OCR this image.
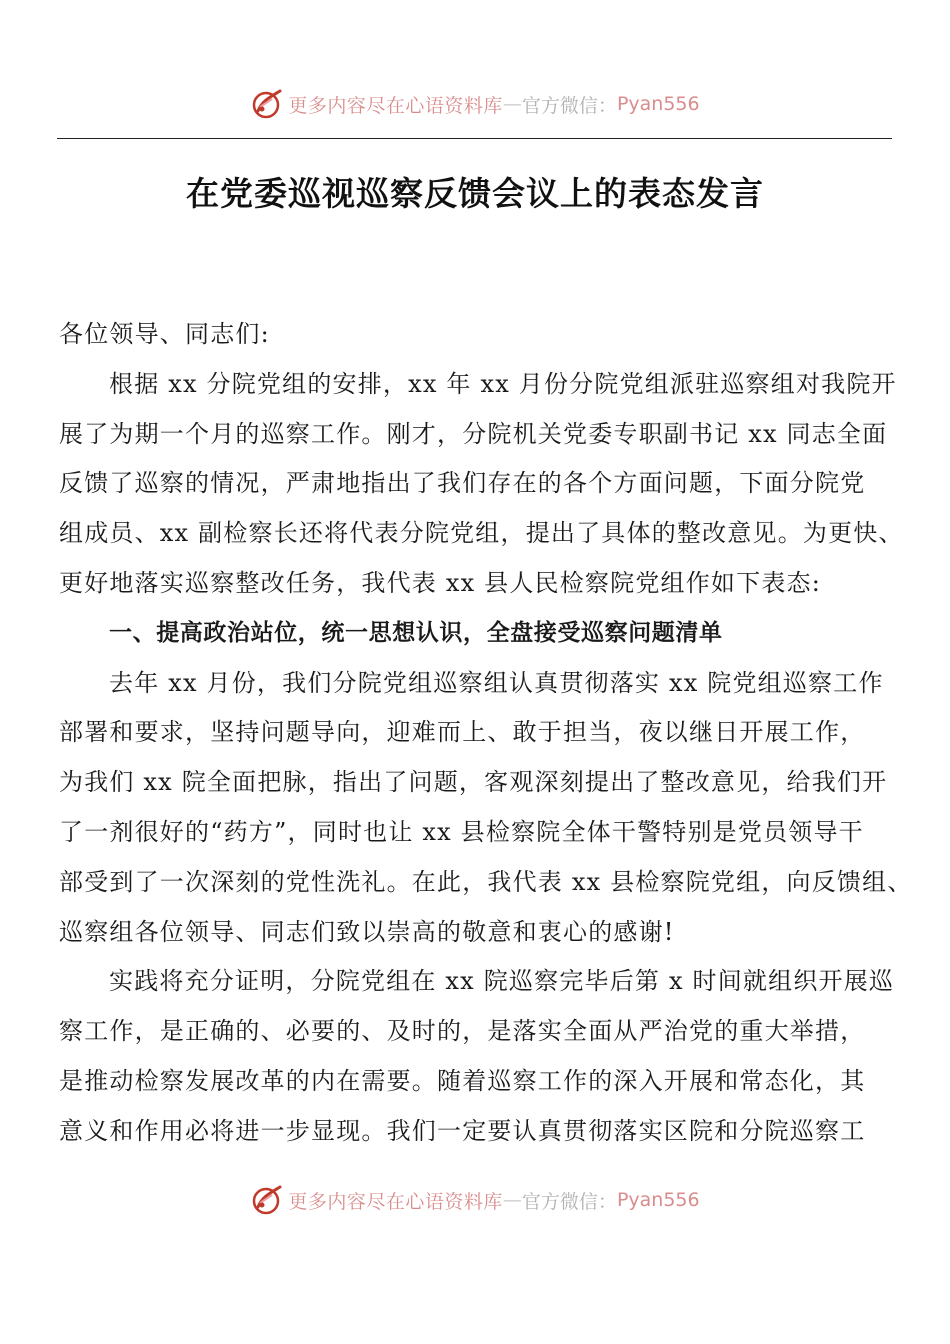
更多内容尽在心语资料库 — 官方微信： Pyan556
在党委巡视巡察反馈会议上的表态发言
各位领导、同志们:
根据 xx 分院党组的安排，xx 年 xx 月份分院党组派驻巡察组对我院开
展了为期一个月的巡察工作。刚才，分院机关党委专职副书记 xx 同志全面
反馈了巡察的情况，严肃地指出了我们存在的各个方面问题，下面分院党
组成员、xx 副检察长还将代表分院党组，提出了具体的整改意见。为更快、
更好地落实巡察整改任务，我代表 xx 县人民检察院党组作如下表态:
一、提高政治站位，统一思想认识，全盘接受巡察问题清单
去年 xx 月份，我们分院党组巡察组认真贯彻落实 xx 院党组巡察工作
部署和要求，坚持问题导向，迎难而上、敢于担当，夜以继日开展工作，
为我们 xx 院全面把脉，指出了问题，客观深刻提出了整改意见，给我们开
了一剂很好的“药方”，同时也让 xx 县检察院全体干警特别是党员领导干
部受到了一次深刻的党性洗礼。在此，我代表 xx 县检察院党组，向反馈组、
巡察组各位领导、同志们致以崇高的敬意和衷心的感谢!
实践将充分证明，分院党组在 xx 院巡察完毕后第 x 时间就组织开展巡
察工作，是正确的、必要的、及时的，是落实全面从严治党的重大举措，
是推动检察发展改革的内在需要。随着巡察工作的深入开展和常态化，其
意义和作用必将进一步显现。我们一定要认真贯彻落实区院和分院巡察工
更多内容尽在心语资料库 — 官方微信： Pyan556
